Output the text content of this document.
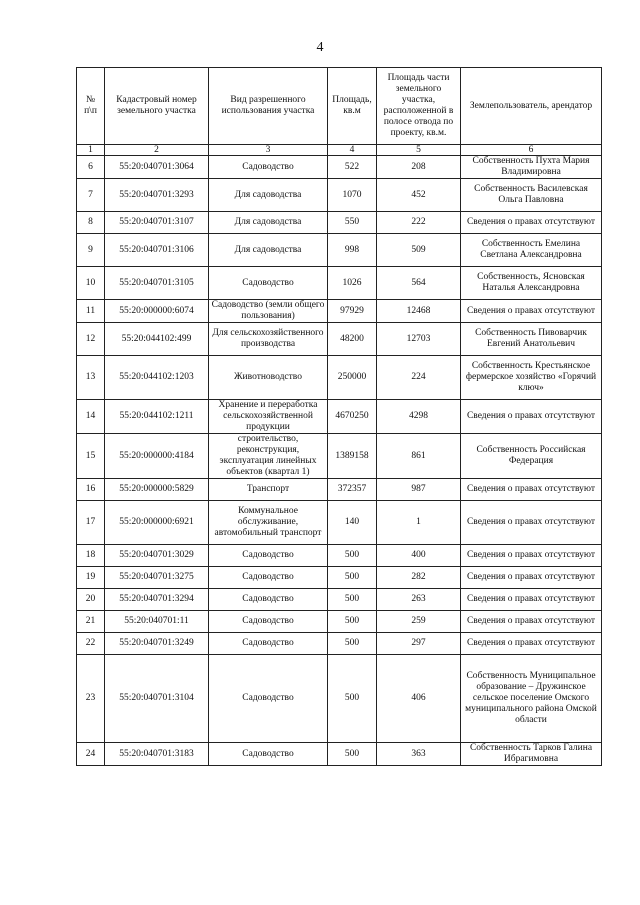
4
№ п\п	Кадастровый номер земельного участка	Вид разрешенного использования участка	Площадь, кв.м	Площадь части земельного участка, расположенной в полосе отвода по проекту, кв.м.	Землепользователь, арендатор
1	2	3	4	5	6
6	55:20:040701:3064	Садоводство	522	208	Собственность Пухта Мария Владимировна
7	55:20:040701:3293	Для садоводства	1070	452	Собственность Василевская Ольга Павловна
8	55:20:040701:3107	Для садоводства	550	222	Сведения о правах отсутствуют
9	55:20:040701:3106	Для садоводства	998	509	Собственность Емелина Светлана Александровна
10	55:20:040701:3105	Садоводство	1026	564	Собственность, Ясновская Наталья Александровна
11	55:20:000000:6074	Садоводство (земли общего пользования)	97929	12468	Сведения о правах отсутствуют
12	55:20:044102:499	Для сельскохозяйственного производства	48200	12703	Собственность Пивоварчик Евгений Анатольевич
13	55:20:044102:1203	Животноводство	250000	224	Собственность Крестьянское фермерское хозяйство «Горячий ключ»
14	55:20:044102:1211	Хранение и переработка сельскохозяйственной продукции	4670250	4298	Сведения о правах отсутствуют
15	55:20:000000:4184	строительство, реконструкция, эксплуатация линейных объектов (квартал 1)	1389158	861	Собственность Российская Федерация
16	55:20:000000:5829	Транспорт	372357	987	Сведения о правах отсутствуют
17	55:20:000000:6921	Коммунальное обслуживание, автомобильный транспорт	140	1	Сведения о правах отсутствуют
18	55:20:040701:3029	Садоводство	500	400	Сведения о правах отсутствуют
19	55:20:040701:3275	Садоводство	500	282	Сведения о правах отсутствуют
20	55:20:040701:3294	Садоводство	500	263	Сведения о правах отсутствуют
21	55:20:040701:11	Садоводство	500	259	Сведения о правах отсутствуют
22	55:20:040701:3249	Садоводство	500	297	Сведения о правах отсутствуют
23	55:20:040701:3104	Садоводство	500	406	Собственность Муниципальное образование – Дружинское сельское поселение Омского муниципального района Омской области
24	55:20:040701:3183	Садоводство	500	363	Собственность Тарков Галина Ибрагимовна
